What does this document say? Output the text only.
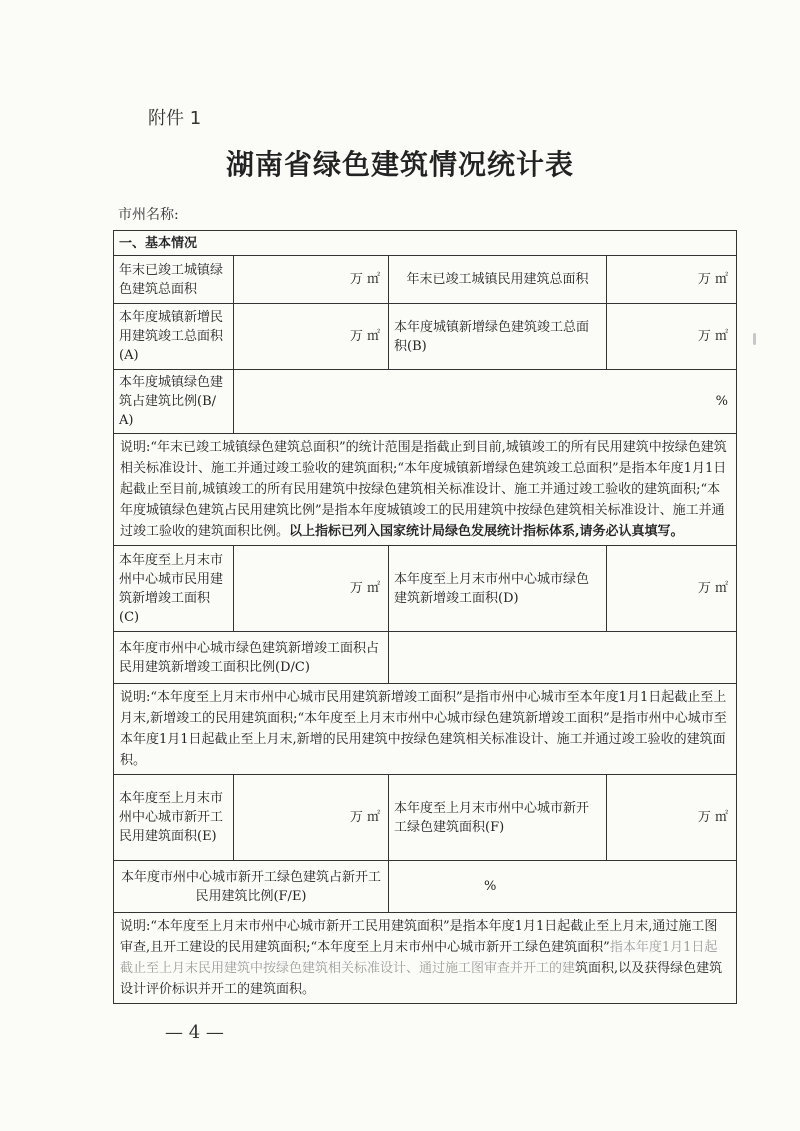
附件 1
湖南省绿色建筑情况统计表
市州名称:
一、基本情况			
年末已竣工城镇绿色建筑总面积	万 ㎡	年末已竣工城镇民用建筑总面积	万 ㎡
本年度城镇新增民用建筑竣工总面积(A)	万 ㎡	本年度城镇新增绿色建筑竣工总面积(B)	万 ㎡
本年度城镇绿色建筑占建筑比例(B/A)	%		
说明:“年末已竣工城镇绿色建筑总面积”的统计范围是指截止到目前,城镇竣工的所有民用建筑中按绿色建筑相关标准设计、施工并通过竣工验收的建筑面积;“本年度城镇新增绿色建筑竣工总面积”是指本年度1月1日起截止至目前,城镇竣工的所有民用建筑中按绿色建筑相关标准设计、施工并通过竣工验收的建筑面积;“本年度城镇绿色建筑占民用建筑比例”是指本年度城镇竣工的民用建筑中按绿色建筑相关标准设计、施工并通过竣工验收的建筑面积比例。以上指标已列入国家统计局绿色发展统计指标体系,请务必认真填写。			
本年度至上月末市州中心城市民用建筑新增竣工面积(C)	万 ㎡	本年度至上月末市州中心城市绿色建筑新增竣工面积(D)	万 ㎡
本年度市州中心城市绿色建筑新增竣工面积占民用建筑新增竣工面积比例(D/C)			
说明:“本年度至上月末市州中心城市民用建筑新增竣工面积”是指市州中心城市至本年度1月1日起截止至上月末,新增竣工的民用建筑面积;“本年度至上月末市州中心城市绿色建筑新增竣工面积”是指市州中心城市至本年度1月1日起截止至上月末,新增的民用建筑中按绿色建筑相关标准设计、施工并通过竣工验收的建筑面积。			
本年度至上月末市州中心城市新开工民用建筑面积(E)	万 ㎡	本年度至上月末市州中心城市新开工绿色建筑面积(F)	万 ㎡
本年度市州中心城市新开工绿色建筑占新开工民用建筑比例(F/E)		%	
说明:“本年度至上月末市州中心城市新开工民用建筑面积”是指本年度1月1日起截止至上月末,通过施工图审查,且开工建设的民用建筑面积;“本年度至上月末市州中心城市新开工绿色建筑面积”指本年度1月1日起截止至上月末民用建筑中按绿色建筑相关标准设计、通过施工图审查并开工的建筑面积,以及获得绿色建筑设计评价标识并开工的建筑面积。			
— 4 —
